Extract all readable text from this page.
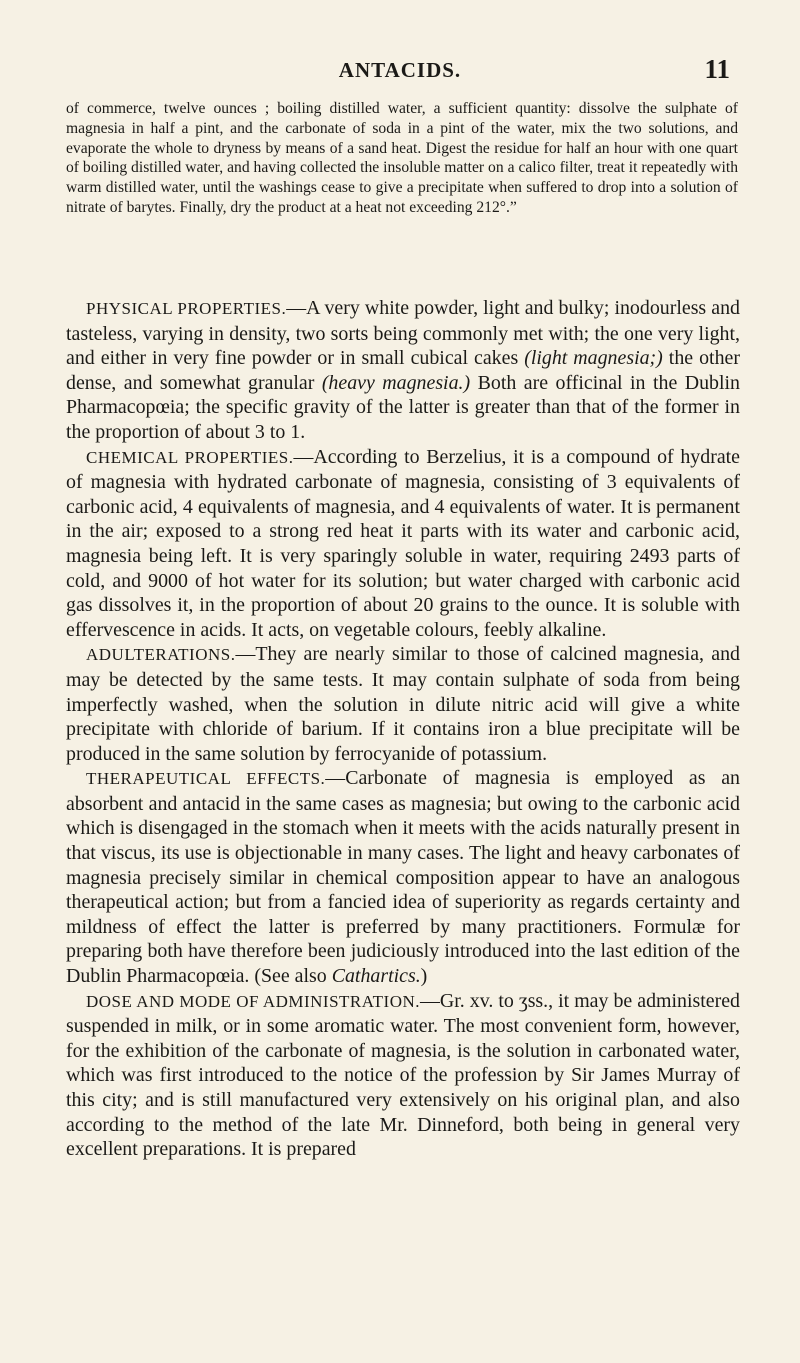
ANTACIDS.	11

of commerce, twelve ounces ; boiling distilled water, a sufficient quantity: dissolve the sulphate of magnesia in half a pint, and the carbonate of soda in a pint of the water, mix the two solutions, and evaporate the whole to dryness by means of a sand heat. Digest the residue for half an hour with one quart of boiling distilled water, and having collected the insoluble matter on a calico filter, treat it repeatedly with warm distilled water, until the washings cease to give a precipitate when suffered to drop into a solution of nitrate of barytes. Finally, dry the product at a heat not exceeding 212°.”

PHYSICAL PROPERTIES.—A very white powder, light and bulky; inodourless and tasteless, varying in density, two sorts being commonly met with; the one very light, and either in very fine powder or in small cubical cakes (light magnesia;) the other dense, and somewhat granular (heavy magnesia.) Both are officinal in the Dublin Pharmacopœia; the specific gravity of the latter is greater than that of the former in the proportion of about 3 to 1.

CHEMICAL PROPERTIES.—According to Berzelius, it is a compound of hydrate of magnesia with hydrated carbonate of magnesia, consisting of 3 equivalents of carbonic acid, 4 equivalents of magnesia, and 4 equivalents of water. It is permanent in the air; exposed to a strong red heat it parts with its water and carbonic acid, magnesia being left. It is very sparingly soluble in water, requiring 2493 parts of cold, and 9000 of hot water for its solution; but water charged with carbonic acid gas dissolves it, in the proportion of about 20 grains to the ounce. It is soluble with effervescence in acids. It acts, on vegetable colours, feebly alkaline.

ADULTERATIONS.—They are nearly similar to those of calcined magnesia, and may be detected by the same tests. It may contain sulphate of soda from being imperfectly washed, when the solution in dilute nitric acid will give a white precipitate with chloride of barium. If it contains iron a blue precipitate will be produced in the same solution by ferrocyanide of potassium.

THERAPEUTICAL EFFECTS.—Carbonate of magnesia is employed as an absorbent and antacid in the same cases as magnesia; but owing to the carbonic acid which is disengaged in the stomach when it meets with the acids naturally present in that viscus, its use is objectionable in many cases. The light and heavy carbonates of magnesia precisely similar in chemical composition appear to have an analogous therapeutical action; but from a fancied idea of superiority as regards certainty and mildness of effect the latter is preferred by many practitioners. Formulæ for preparing both have therefore been judiciously introduced into the last edition of the Dublin Pharmacopœia. (See also Cathartics.)

DOSE AND MODE OF ADMINISTRATION.—Gr. xv. to ʒss., it may be administered suspended in milk, or in some aromatic water. The most convenient form, however, for the exhibition of the carbonate of magnesia, is the solution in carbonated water, which was first introduced to the notice of the profession by Sir James Murray of this city; and is still manufactured very extensively on his original plan, and also according to the method of the late Mr. Dinneford, both being in general very excellent preparations. It is prepared
